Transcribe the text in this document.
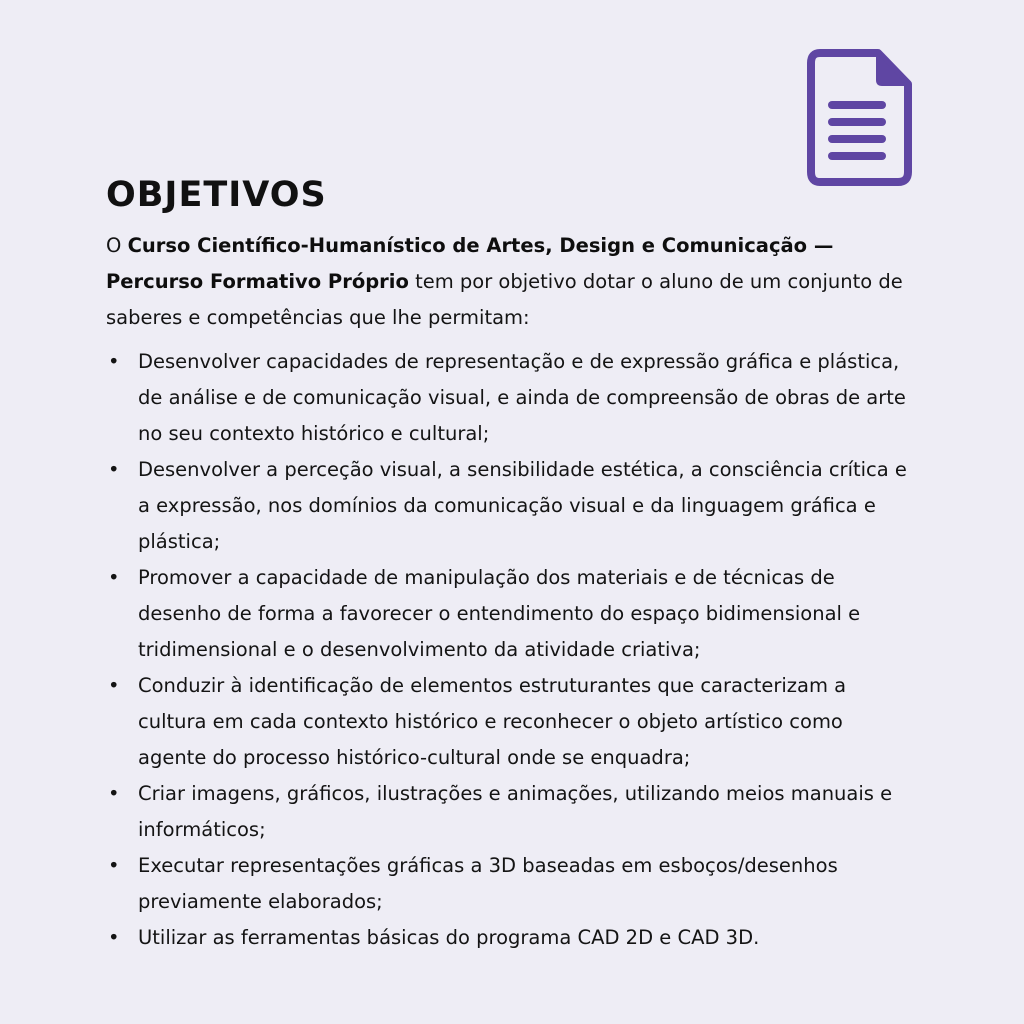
OBJETIVOS

O Curso Científico-Humanístico de Artes, Design e Comunicação — Percurso Formativo Próprio tem por objetivo dotar o aluno de um conjunto de saberes e competências que lhe permitam:

• Desenvolver capacidades de representação e de expressão gráfica e plástica, de análise e de comunicação visual, e ainda de compreensão de obras de arte no seu contexto histórico e cultural;
• Desenvolver a perceção visual, a sensibilidade estética, a consciência crítica e a expressão, nos domínios da comunicação visual e da linguagem gráfica e plástica;
• Promover a capacidade de manipulação dos materiais e de técnicas de desenho de forma a favorecer o entendimento do espaço bidimensional e tridimensional e o desenvolvimento da atividade criativa;
• Conduzir à identificação de elementos estruturantes que caracterizam a cultura em cada contexto histórico e reconhecer o objeto artístico como agente do processo histórico-cultural onde se enquadra;
• Criar imagens, gráficos, ilustrações e animações, utilizando meios manuais e informáticos;
• Executar representações gráficas a 3D baseadas em esboços/desenhos previamente elaborados;
• Utilizar as ferramentas básicas do programa CAD 2D e CAD 3D.
